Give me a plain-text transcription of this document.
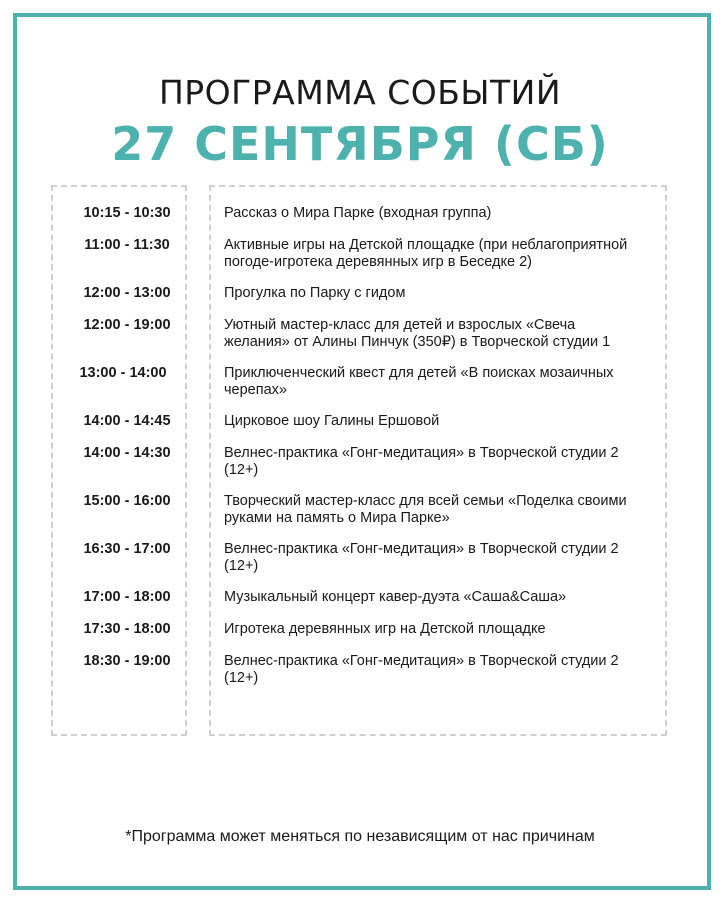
ПРОГРАММА СОБЫТИЙ
27 СЕНТЯБРЯ (СБ)
10:15 - 10:30	Рассказ о Мира Парке (входная группа)
11:00 - 11:30	Активные игры на Детской площадке (при неблагоприятной
погоде-игротека деревянных игр в Беседке 2)
12:00 - 13:00	Прогулка по Парку с гидом
12:00 - 19:00	Уютный мастер-класс для детей и взрослых «Свеча
желания» от Алины Пинчук (350₽) в Творческой студии 1
13:00 - 14:00	Приключенческий квест для детей «В поисках мозаичных
черепах»
14:00 - 14:45	Цирковое шоу Галины Ершовой
14:00 - 14:30	Велнес-практика «Гонг-медитация» в Творческой студии 2
(12+)
15:00 - 16:00	Творческий мастер-класс для всей семьи «Поделка своими
руками на память о Мира Парке»
16:30 - 17:00	Велнес-практика «Гонг-медитация» в Творческой студии 2
(12+)
17:00 - 18:00	Музыкальный концерт кавер-дуэта «Саша&Саша»
17:30 - 18:00	Игротека деревянных игр на Детской площадке
18:30 - 19:00	Велнес-практика «Гонг-медитация» в Творческой студии 2
(12+)
*Программа может меняться по независящим от нас причинам
